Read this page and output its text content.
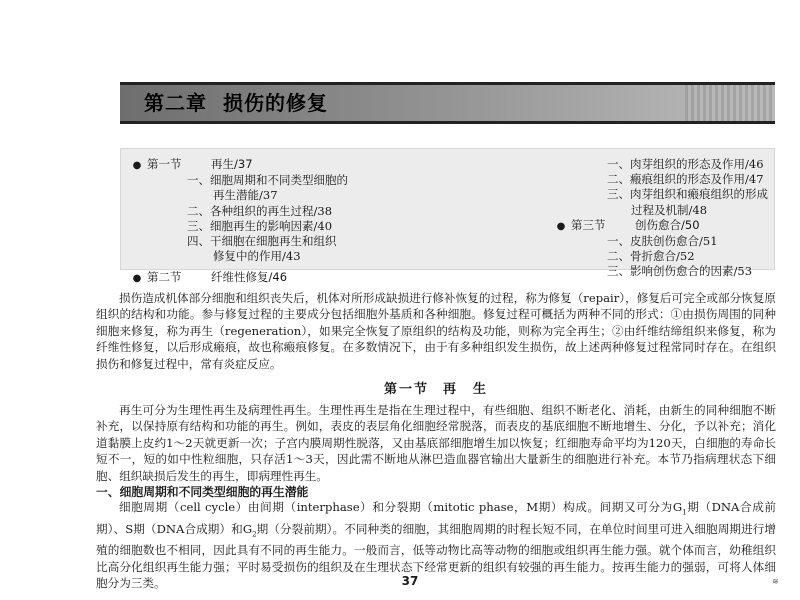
第二章 损伤的修复
● 第一节	再生/37
一、细胞周期和不同类型细胞的
再生潜能/37
二、各种组织的再生过程/38
三、细胞再生的影响因素/40
四、干细胞在细胞再生和组织
修复中的作用/43
● 第二节	纤维性修复/46
一、肉芽组织的形态及作用/46
二、瘢痕组织的形态及作用/47
三、肉芽组织和瘢痕组织的形成
过程及机制/48
● 第三节	创伤愈合/50
一、皮肤创伤愈合/51
二、骨折愈合/52
三、影响创伤愈合的因素/53

损伤造成机体部分细胞和组织丧失后，机体对所形成缺损进行修补恢复的过程，称为修复（repair），修复后可完全或部分恢复原组织的结构和功能。参与修复过程的主要成分包括细胞外基质和各种细胞。修复过程可概括为两种不同的形式：①由损伤周围的同种细胞来修复，称为再生（regeneration），如果完全恢复了原组织的结构及功能，则称为完全再生；②由纤维结缔组织来修复，称为纤维性修复，以后形成瘢痕，故也称瘢痕修复。在多数情况下，由于有多种组织发生损伤，故上述两种修复过程常同时存在。在组织损伤和修复过程中，常有炎症反应。

第一节 再　生

再生可分为生理性再生及病理性再生。生理性再生是指在生理过程中，有些细胞、组织不断老化、消耗，由新生的同种细胞不断补充，以保持原有结构和功能的再生。例如，表皮的表层角化细胞经常脱落，而表皮的基底细胞不断地增生、分化，予以补充；消化道黏膜上皮约1～2天就更新一次；子宫内膜周期性脱落，又由基底部细胞增生加以恢复；红细胞寿命平均为120天，白细胞的寿命长短不一，短的如中性粒细胞，只存活1～3天，因此需不断地从淋巴造血器官输出大量新生的细胞进行补充。本节乃指病理状态下细胞、组织缺损后发生的再生，即病理性再生。

一、细胞周期和不同类型细胞的再生潜能

细胞周期（cell cycle）由间期（interphase）和分裂期（mitotic phase，M期）构成。间期又可分为$G_1$期（DNA合成前期）、S期（DNA合成期）和$G_2$期（分裂前期）。不同种类的细胞，其细胞周期的时程长短不同，在单位时间里可进入细胞周期进行增殖的细胞数也不相同，因此具有不同的再生能力。一般而言，低等动物比高等动物的细胞或组织再生能力强。就个体而言，幼稚组织比高分化组织再生能力强；平时易受损伤的组织及在生理状态下经常更新的组织有较强的再生能力。按再生能力的强弱，可将人体细胞分为三类。	37	≋
